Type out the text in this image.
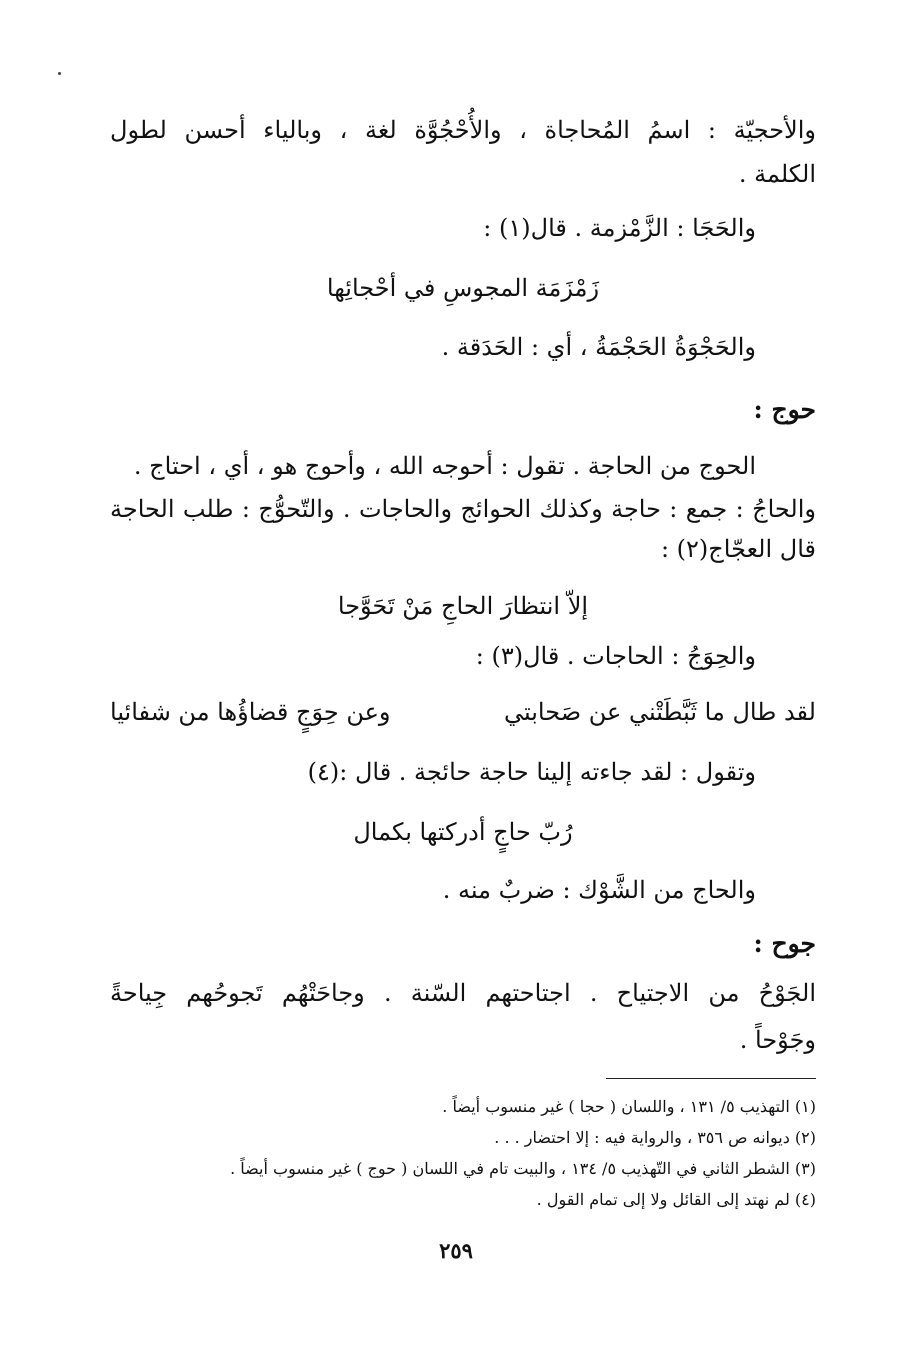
والأحجيّة : اسمُ المُحاجاة ، والأُحْجُوَّة لغة ، وبالياء أحسن لطول
الكلمة .
والحَجَا : الزَّمْزمة . قال(١) :
زَمْزَمَة المجوسِ في أحْجائِها
والحَجْوَةُ الحَجْمَةُ ، أي : الحَدَقة .
حوج :
الحوج من الحاجة . تقول : أحوجه الله ، وأحوج هو ، أي ، احتاج .
والحاجُ : جمع : حاجة وكذلك الحوائج والحاجات . والتّحوُّج : طلب الحاجة
قال العجّاج(٢) :
إلاّ انتظارَ الحاجِ مَنْ تَحَوَّجا
والحِوَجُ : الحاجات . قال(٣) :
لقد طال ما ثَبَّطَتْني عن صَحابتي
وعن حِوَجٍ قضاؤُها من شفائيا
وتقول : لقد جاءته إلينا حاجة حائجة . قال :(٤)
رُبّ حاجٍ أدركتها بكمال
والحاج من الشَّوْك : ضربٌ منه .
جوح :
الجَوْحُ من الاجتياح . اجتاحتهم السّنة . وجاحَتْهُم تَجوحُهم جِياحةً
وجَوْحاً .
(١) التهذيب ٥/ ١٣١ ، واللسان ( حجا ) غير منسوب أيضاً .
(٢) ديوانه ص ٣٥٦ ، والرواية فيه : إلا احتضار . . .
(٣) الشطر الثاني في التّهذيب ٥/ ١٣٤ ، والبيت تام في اللسان ( حوج ) غير منسوب أيضاً .
(٤) لم نهتد إلى القائل ولا إلى تمام القول .
٢٥٩
